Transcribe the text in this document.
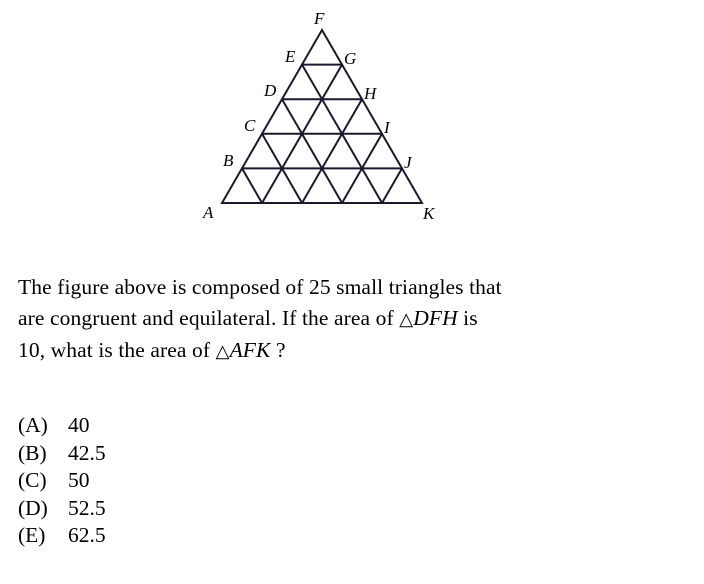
F
E	G
D	H
C	I
B	J
A	K
The figure above is composed of 25 small triangles that
are congruent and equilateral. If the area of △DFH is
10, what is the area of △AFK ?
(A) 40
(B) 42.5
(C) 50
(D) 52.5
(E)	62.5
